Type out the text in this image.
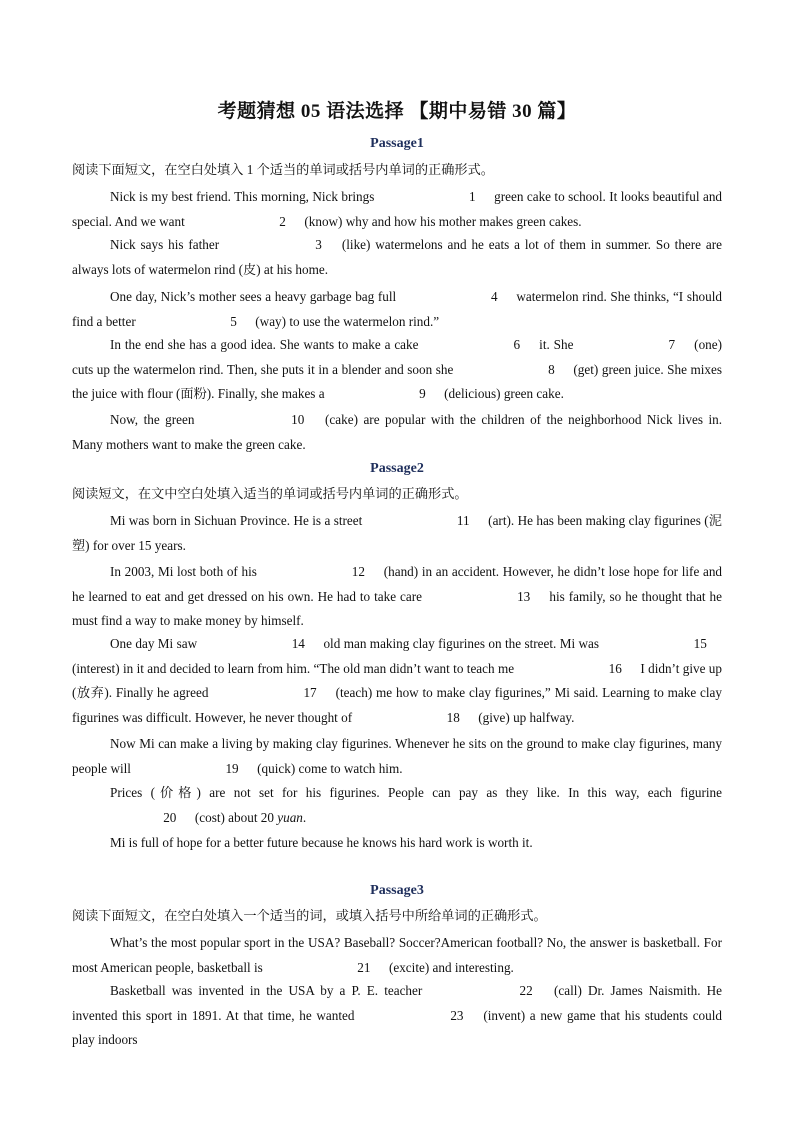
考题猜想 05 语法选择 【期中易错 30 篇】
Passage1
阅读下面短文，在空白处填入 1 个适当的单词或括号内单词的正确形式。
Nick is my best friend. This morning, Nick brings	 1  green cake to school. It looks beautiful and special. And we want	 2  (know) why and how his mother makes green cakes.
Nick says his father	 3  (like) watermelons and he eats a lot of them in summer. So there are always lots of watermelon rind (皮) at his home.
One day, Nick’s mother sees a heavy garbage bag full	 4  watermelon rind. She thinks, “I should find a better	 5  (way) to use the watermelon rind.”
In the end she has a good idea. She wants to make a cake	 6  it. She	 7  (one) cuts up the watermelon rind. Then, she puts it in a blender and soon she	 8  (get) green juice. She mixes the juice with flour (面粉). Finally, she makes a	 9  (delicious) green cake.
Now, the green	 10  (cake) are popular with the children of the neighborhood Nick lives in. Many mothers want to make the green cake.
Passage2
阅读短文，在文中空白处填入适当的单词或括号内单词的正确形式。
Mi was born in Sichuan Province. He is a street	 11  (art). He has been making clay figurines (泥塑) for over 15 years.
In 2003, Mi lost both of his	 12  (hand) in an accident. However, he didn’t lose hope for life and he learned to eat and get dressed on his own. He had to take care	 13  his family, so he thought that he must find a way to make money by himself.
One day Mi saw	 14  old man making clay figurines on the street. Mi was	 15  (interest) in it and decided to learn from him. “The old man didn’t want to teach me	 16  I didn’t give up (放弃). Finally he agreed	 17  (teach) me how to make clay figurines,” Mi said. Learning to make clay figurines was difficult. However, he never thought of	 18  (give) up halfway.
Now Mi can make a living by making clay figurines. Whenever he sits on the ground to make clay figurines, many people will	 19  (quick) come to watch him.
Prices (价格) are not set for his figurines. People can pay as they like. In this way, each figurine  20  (cost) about 20 yuan.
Mi is full of hope for a better future because he knows his hard work is worth it.
Passage3
阅读下面短文，在空白处填入一个适当的词，或填入括号中所给单词的正确形式。
What’s the most popular sport in the USA? Baseball? Soccer?American football? No, the answer is basketball. For most American people, basketball is	 21  (excite) and interesting.
Basketball was invented in the USA by a P. E. teacher	 22  (call) Dr. James Naismith. He invented this sport in 1891. At that time, he wanted	 23  (invent) a new game that his students could play indoors
